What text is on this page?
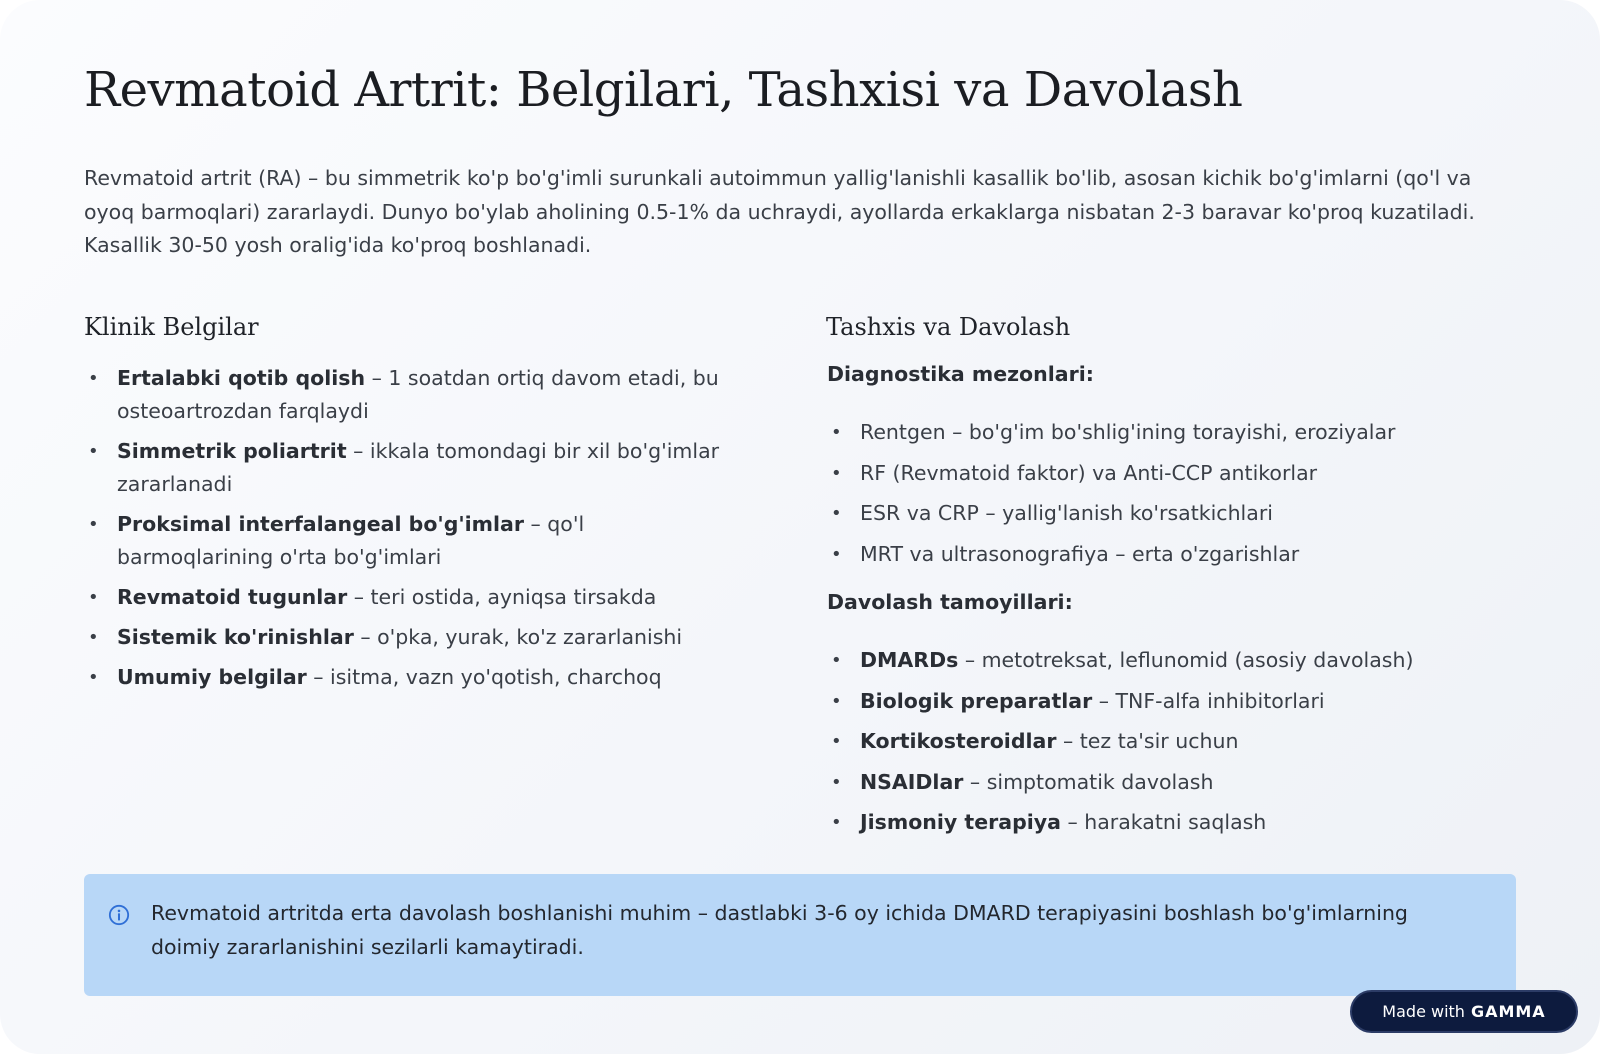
Revmatoid Artrit: Belgilari, Tashxisi va Davolash

Revmatoid artrit (RA) – bu simmetrik ko'p bo'g'imli surunkali autoimmun yallig'lanishli kasallik bo'lib, asosan kichik bo'g'imlarni (qo'l va oyoq barmoqlari) zararlaydi. Dunyo bo'ylab aholining 0.5-1% da uchraydi, ayollarda erkaklarga nisbatan 2-3 baravar ko'proq kuzatiladi. Kasallik 30-50 yosh oralig'ida ko'proq boshlanadi.

Klinik Belgilar
• Ertalabki qotib qolish – 1 soatdan ortiq davom etadi, bu osteoartrozdan farqlaydi
• Simmetrik poliartrit – ikkala tomondagi bir xil bo'g'imlar zararlanadi
• Proksimal interfalangeal bo'g'imlar – qo'l barmoqlarining o'rta bo'g'imlari
• Revmatoid tugunlar – teri ostida, ayniqsa tirsakda
• Sistemik ko'rinishlar – o'pka, yurak, ko'z zararlanishi
• Umumiy belgilar – isitma, vazn yo'qotish, charchoq
Tashxis va Davolash

Diagnostika mezonlari:

• Rentgen – bo'g'im bo'shlig'ining torayishi, eroziyalar
• RF (Revmatoid faktor) va Anti-CCP antikorlar
• ESR va CRP – yallig'lanish ko'rsatkichlari
• MRT va ultrasonografiya – erta o'zgarishlar

Davolash tamoyillari:

• DMARDs – metotreksat, leflunomid (asosiy davolash)
• Biologik preparatlar – TNF-alfa inhibitorlari
• Kortikosteroidlar – tez ta'sir uchun
• NSAIDlar – simptomatik davolash
• Jismoniy terapiya – harakatni saqlash

Revmatoid artritda erta davolash boshlanishi muhim – dastlabki 3-6 oy ichida DMARD terapiyasini boshlash bo'g'imlarning doimiy zararlanishini sezilarli kamaytiradi.

Made with GAMMA
